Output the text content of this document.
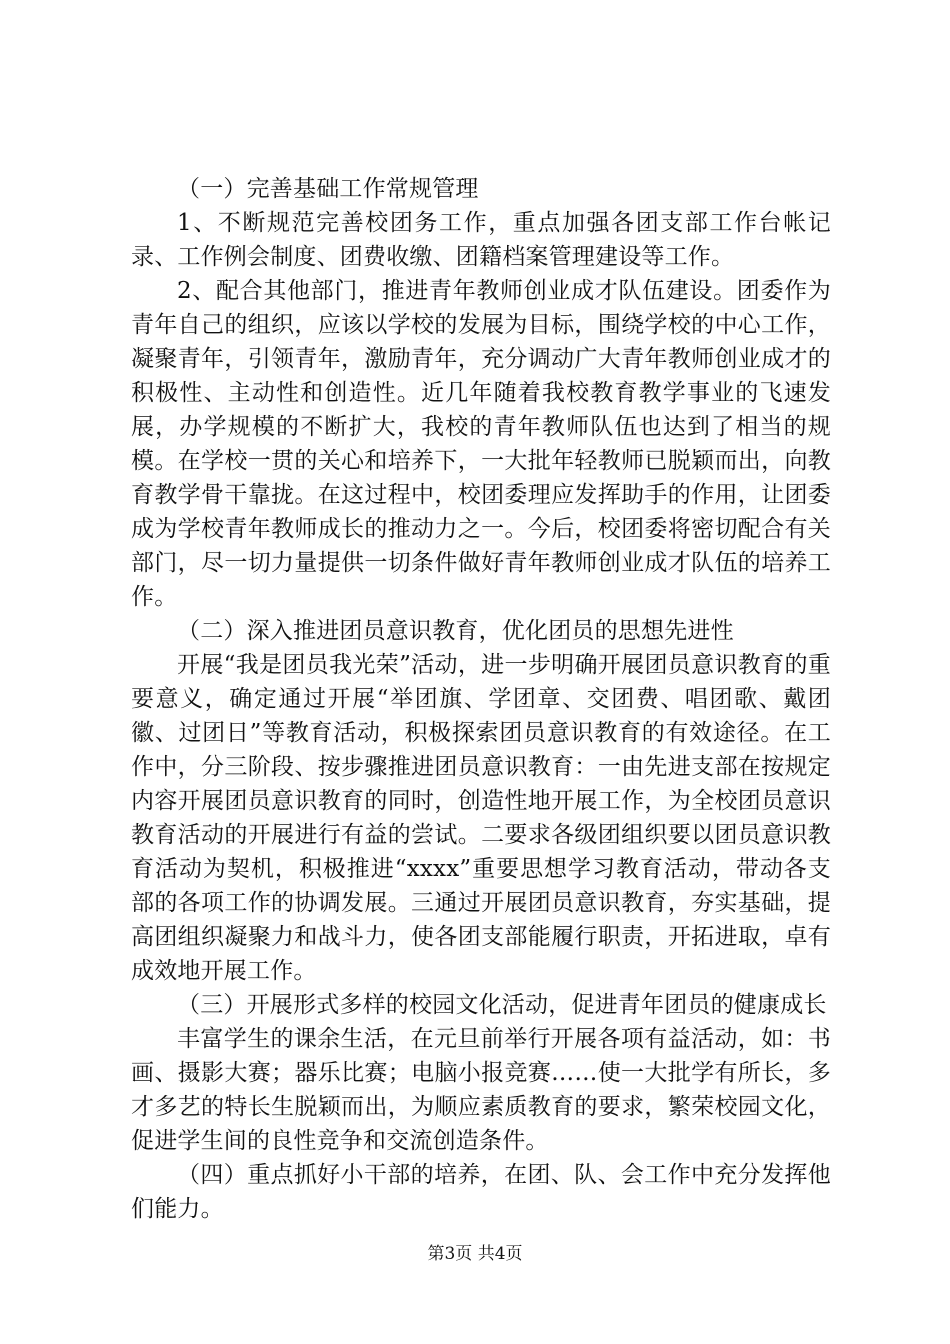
（一）完善基础工作常规管理

1、不断规范完善校团务工作，重点加强各团支部工作台帐记录、工作例会制度、团费收缴、团籍档案管理建设等工作。

2、配合其他部门，推进青年教师创业成才队伍建设。团委作为青年自己的组织，应该以学校的发展为目标，围绕学校的中心工作，凝聚青年，引领青年，激励青年，充分调动广大青年教师创业成才的积极性、主动性和创造性。近几年随着我校教育教学事业的飞速发展，办学规模的不断扩大，我校的青年教师队伍也达到了相当的规模。在学校一贯的关心和培养下，一大批年轻教师已脱颖而出，向教育教学骨干靠拢。在这过程中，校团委理应发挥助手的作用，让团委成为学校青年教师成长的推动力之一。今后，校团委将密切配合有关部门，尽一切力量提供一切条件做好青年教师创业成才队伍的培养工作。

（二）深入推进团员意识教育，优化团员的思想先进性

开展“我是团员我光荣”活动，进一步明确开展团员意识教育的重要意义，确定通过开展“举团旗、学团章、交团费、唱团歌、戴团徽、过团日”等教育活动，积极探索团员意识教育的有效途径。在工作中，分三阶段、按步骤推进团员意识教育：一由先进支部在按规定内容开展团员意识教育的同时，创造性地开展工作，为全校团员意识教育活动的开展进行有益的尝试。二要求各级团组织要以团员意识教育活动为契机，积极推进“xxxx”重要思想学习教育活动，带动各支部的各项工作的协调发展。三通过开展团员意识教育，夯实基础，提高团组织凝聚力和战斗力，使各团支部能履行职责，开拓进取，卓有成效地开展工作。

（三）开展形式多样的校园文化活动，促进青年团员的健康成长

丰富学生的课余生活，在元旦前举行开展各项有益活动，如：书画、摄影大赛；器乐比赛；电脑小报竞赛……使一大批学有所长，多才多艺的特长生脱颖而出，为顺应素质教育的要求，繁荣校园文化，促进学生间的良性竞争和交流创造条件。

（四）重点抓好小干部的培养，在团、队、会工作中充分发挥他们能力。

第3页 共4页
